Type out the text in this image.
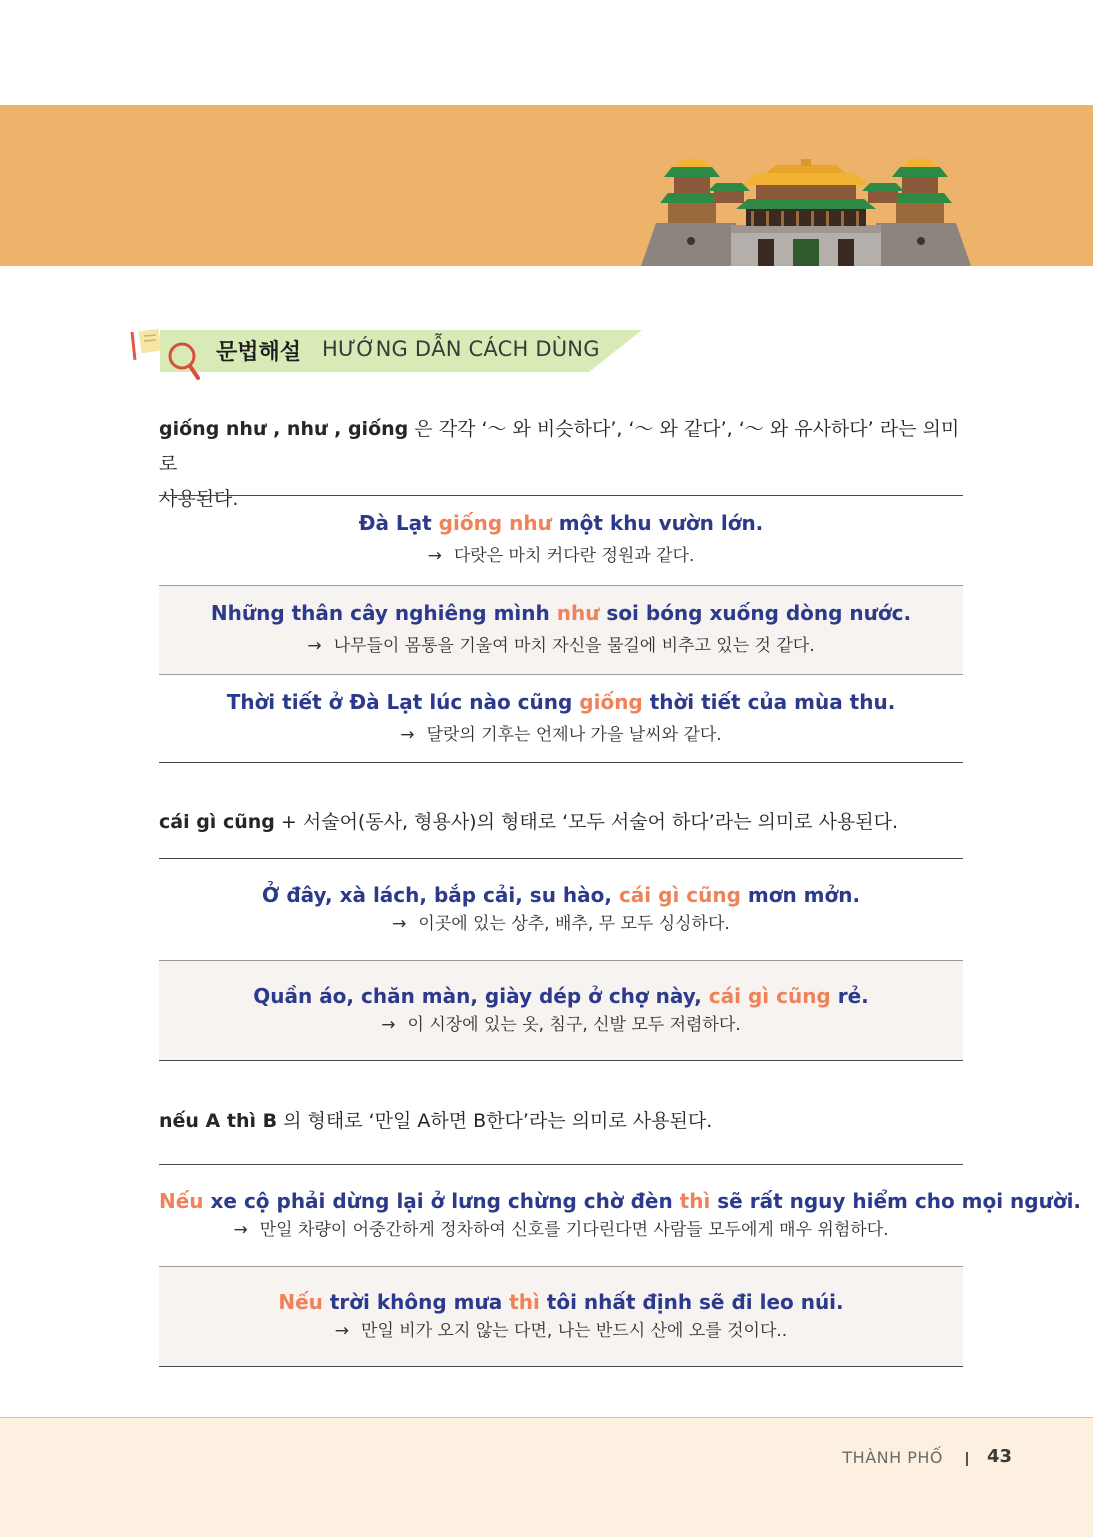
문법해설 HƯỚNG DẪN CÁCH DÙNG
giống như , như , giống 은 각각 ‘～ 와 비슷하다’, ‘～ 와 같다’, ‘～ 와 유사하다’ 라는 의미로
사용된다.
Đà Lạt giống như một khu vườn lớn.
→ 다랏은 마치 커다란 정원과 같다.
Những thân cây nghiêng mình như soi bóng xuống dòng nước.
→ 나무들이 몸통을 기울여 마치 자신을 물길에 비추고 있는 것 같다.
Thời tiết ở Đà Lạt lúc nào cũng giống thời tiết của mùa thu.
→ 달랏의 기후는 언제나 가을 날씨와 같다.
cái gì cũng + 서술어(동사, 형용사)의 형태로 ‘모두 서술어 하다’라는 의미로 사용된다.
Ở đây, xà lách, bắp cải, su hào, cái gì cũng mơn mởn.
→ 이곳에 있는 상추, 배추, 무 모두 싱싱하다.
Quần áo, chăn màn, giày dép ở chợ này, cái gì cũng rẻ.
→ 이 시장에 있는 옷, 침구, 신발 모두 저렴하다.
nếu A thì B 의 형태로 ‘만일 A하면 B한다’라는 의미로 사용된다.
Nếu xe cộ phải dừng lại ở lưng chừng chờ đèn thì sẽ rất nguy hiểm cho mọi người.
→ 만일 차량이 어중간하게 정차하여 신호를 기다린다면 사람들 모두에게 매우 위험하다.
Nếu trời không mưa thì tôi nhất định sẽ đi leo núi.
→ 만일 비가 오지 않는 다면, 나는 반드시 산에 오를 것이다..
THÀNH PHỐ 43
